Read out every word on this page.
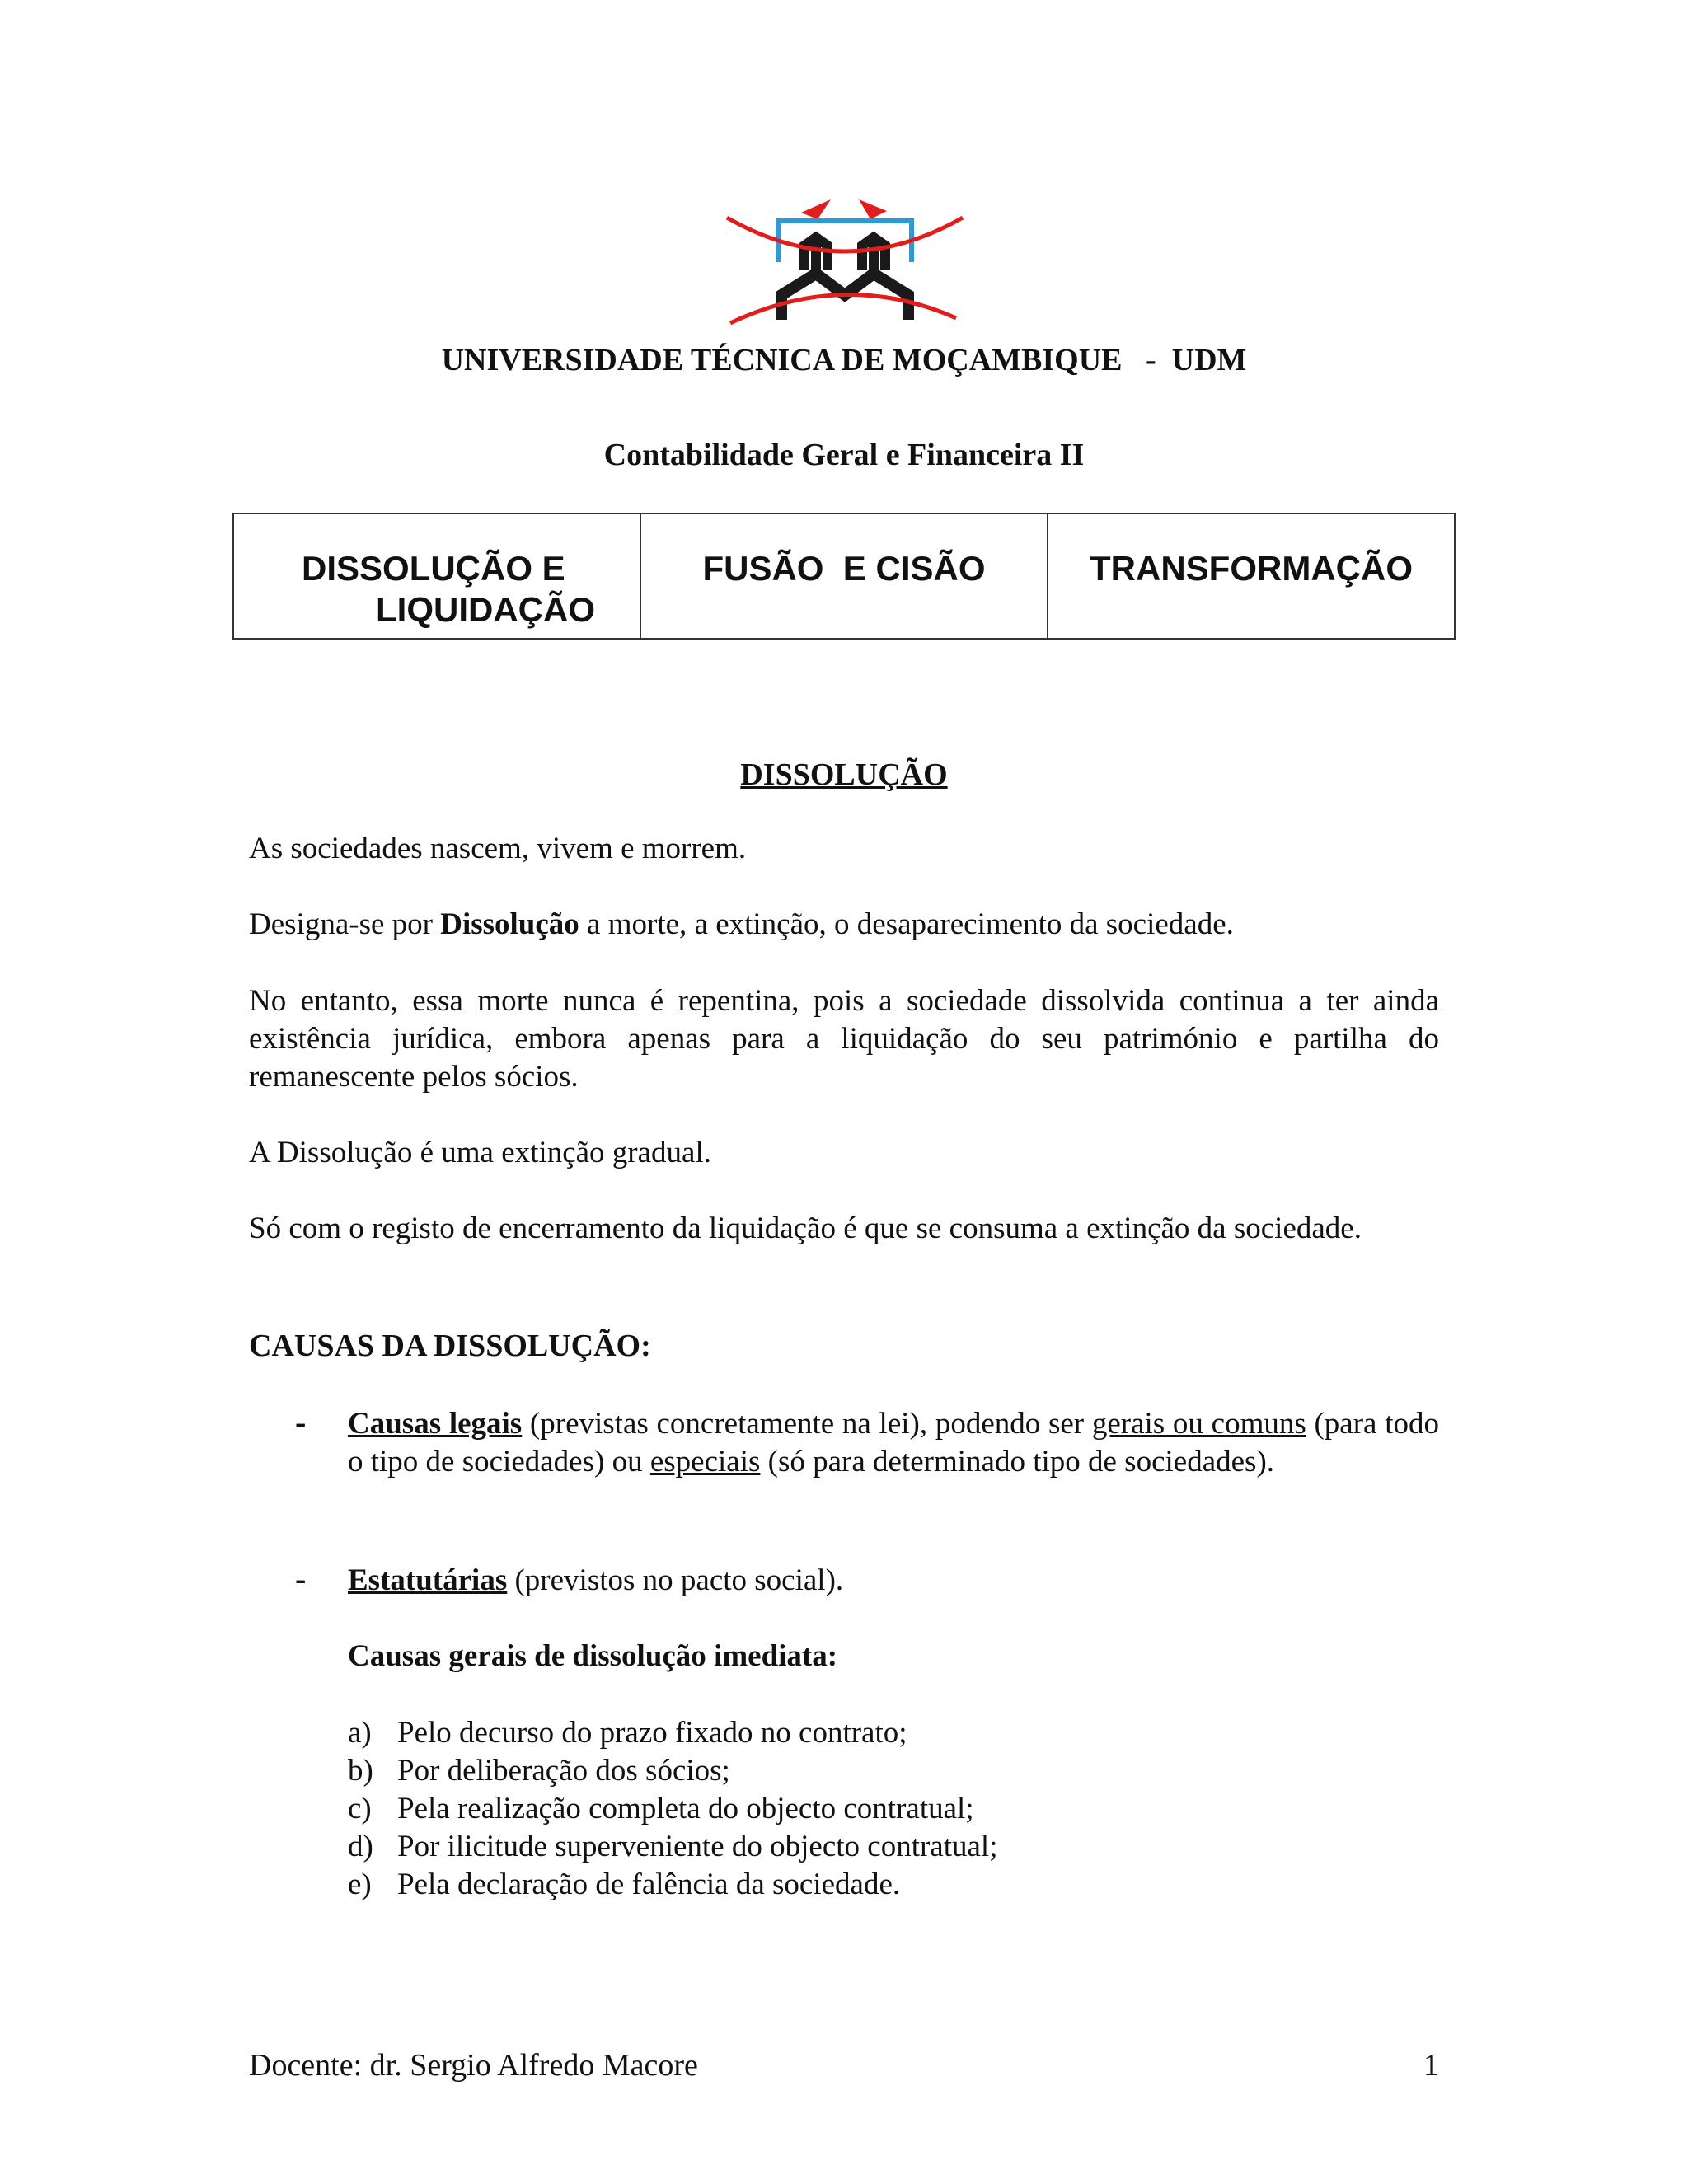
UNIVERSIDADE TÉCNICA DE MOÇAMBIQUE   -  UDM
Contabilidade Geral e Financeira II
DISSOLUÇÃO E
LIQUIDAÇÃO
FUSÃO  E CISÃO	TRANSFORMAÇÃO
DISSOLUÇÃO

As sociedades nascem, vivem e morrem.

Designa-se por Dissolução a morte, a extinção, o desaparecimento da sociedade.

No entanto, essa morte nunca é repentina, pois a sociedade dissolvida continua a ter ainda existência jurídica, embora apenas para a liquidação do seu património e partilha do remanescente pelos sócios.

A Dissolução é uma extinção gradual.

Só com o registo de encerramento da liquidação é que se consuma a extinção da sociedade.

CAUSAS DA DISSOLUÇÃO:
- Causas legais (previstas concretamente na lei), podendo ser gerais ou comuns (para todo o tipo de sociedades) ou especiais (só para determinado tipo de sociedades).

- Estatutárias (previstos no pacto social).

Causas gerais de dissolução imediata:
a) Pelo decurso do prazo fixado no contrato;
b) Por deliberação dos sócios;
c) Pela realização completa do objecto contratual;
d) Por ilicitude superveniente do objecto contratual;
e) Pela declaração de falência da sociedade.
Docente: dr. Sergio Alfredo Macore	1
